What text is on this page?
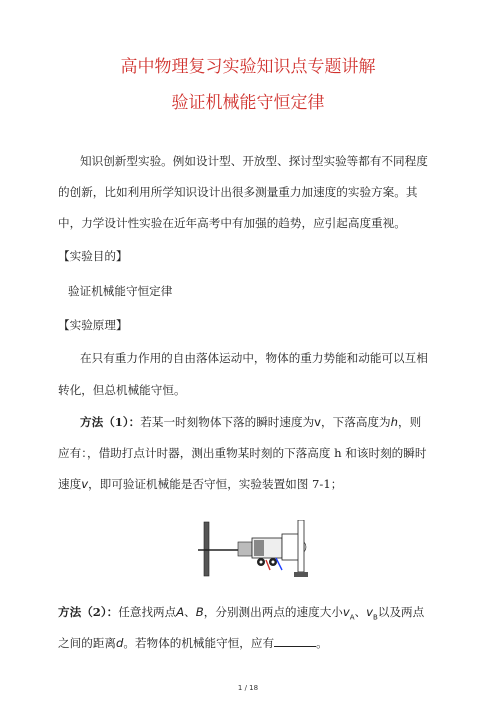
高中物理复习实验知识点专题讲解
验证机械能守恒定律
知识创新型实验。例如设计型、开放型、探讨型实验等都有不同程度
的创新，比如利用所学知识设计出很多测量重力加速度的实验方案。其
中，力学设计性实验在近年高考中有加强的趋势，应引起高度重视。
【实验目的】
验证机械能守恒定律
【实验原理】
在只有重力作用的自由落体运动中，物体的重力势能和动能可以互相
转化，但总机械能守恒。
方法（1）：若某一时刻物体下落的瞬时速度为v，下落高度为h，则
应有：，借助打点计时器，测出重物某时刻的下落高度 h 和该时刻的瞬时
速度v，即可验证机械能是否守恒，实验装置如图 7-1；
方法（2）：任意找两点A、B，分别测出两点的速度大小$v_A$、$v_B$以及两点
之间的距离d。若物体的机械能守恒，应有	。
1 / 18
